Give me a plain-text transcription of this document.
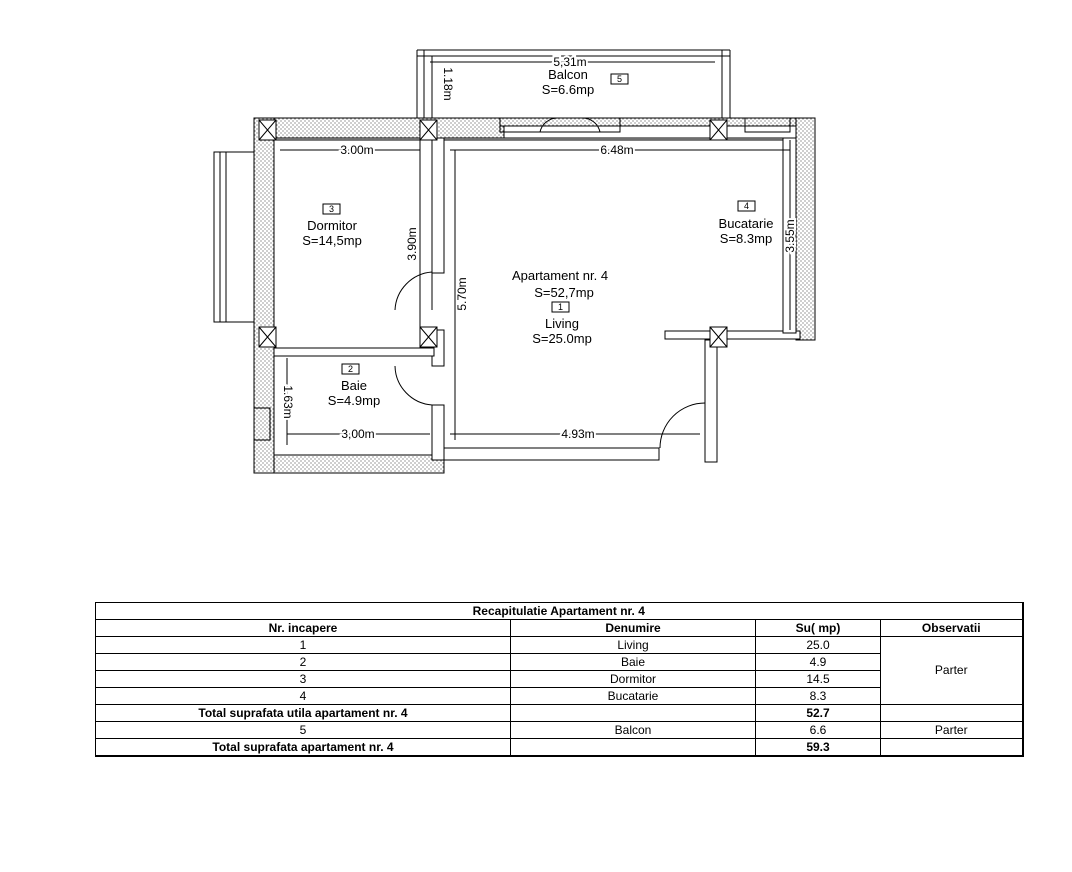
5,31m
1.18m	Balcon
S=6.6mp
5
3.00m
3.90m
3
Dormitor
S=14,5mp
4
Bucatarie
S=8.3mp 3.55m
6.48m
5.70m
Apartament nr. 4
S=52,7mp
1
Living
S=25.0mp
4.93m
2
Baie
S=4.9mp
1.63m
3,00m
Recapitulatie Apartament nr. 4			
Nr. incapere	Denumire	Su( mp)	Observatii
1	Living	25.0	Parter
2	Baie	4.9	
3	Dormitor	14.5	
4	Bucatarie	8.3	
Total suprafata utila apartament nr. 4		52.7	
5	Balcon	6.6	Parter
Total suprafata apartament nr. 4		59.3	
